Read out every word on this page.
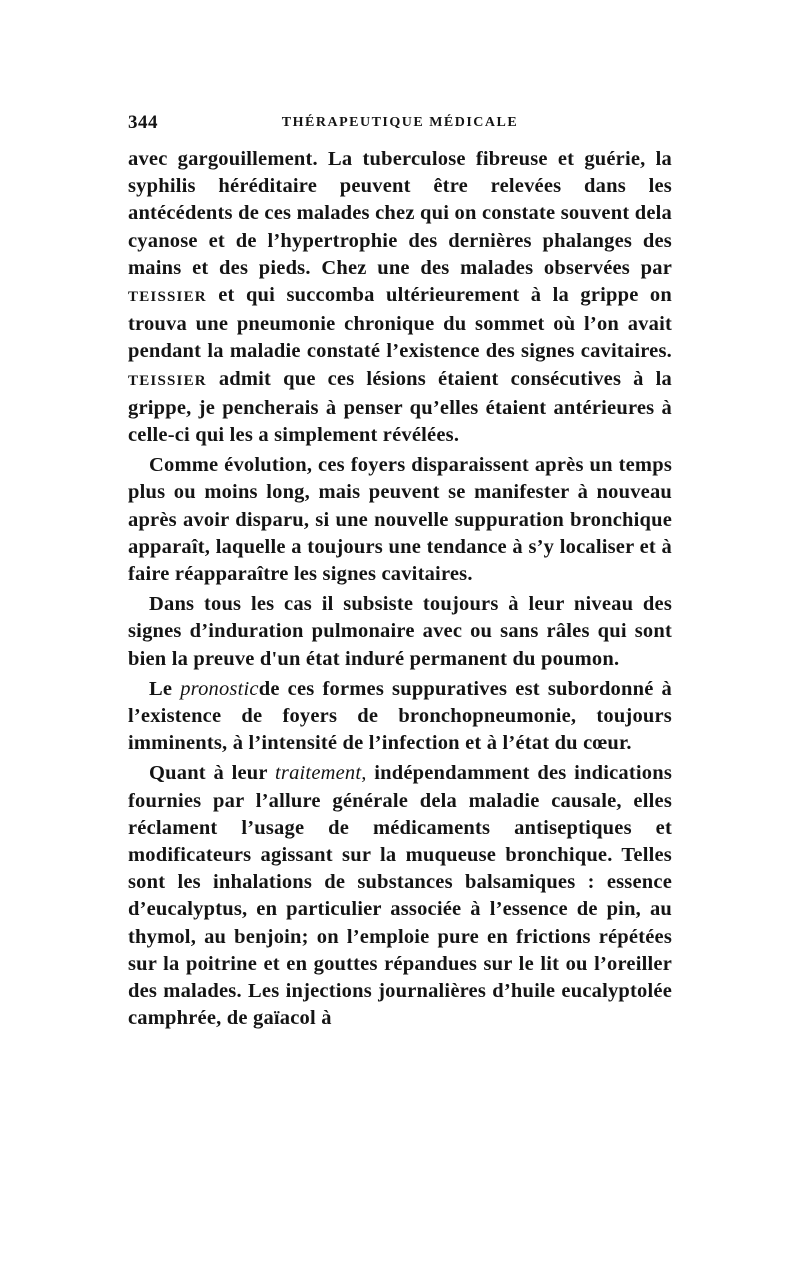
344	THÉRAPEUTIQUE MÉDICALE

avec gargouillement. La tuberculose fibreuse et guérie, la syphilis héréditaire peuvent être relevées dans les antécédents de ces malades chez qui on constate souvent dela cyanose et de l’hypertrophie des dernières phalanges des mains et des pieds. Chez une des malades observées par TEISSIER et qui succomba ultérieurement à la grippe on trouva une pneumonie chronique du sommet où l’on avait pendant la maladie constaté l’existence des signes cavitaires. TEISSIER admit que ces lésions étaient consécutives à la grippe, je pencherais à penser qu’elles étaient antérieures à celle-ci qui les a simplement révélées.

Comme évolution, ces foyers disparaissent après un temps plus ou moins long, mais peuvent se manifester à nouveau après avoir disparu, si une nouvelle suppuration bronchique apparaît, laquelle a toujours une tendance à s’y localiser et à faire réapparaître les signes cavitaires.

Dans tous les cas il subsiste toujours à leur niveau des signes d’induration pulmonaire avec ou sans râles qui sont bien la preuve d'un état induré permanent du poumon.

Le pronosticde ces formes suppuratives est subordonné à l’existence de foyers de bronchopneumonie, toujours imminents, à l’intensité de l’infection et à l’état du cœur.

Quant à leur traitement, indépendamment des indications fournies par l’allure générale dela maladie causale, elles réclament l’usage de médicaments antiseptiques et modificateurs agissant sur la muqueuse bronchique. Telles sont les inhalations de substances balsamiques : essence d’eucalyptus, en particulier associée à l’essence de pin, au thymol, au benjoin; on l’emploie pure en frictions répétées sur la poitrine et en gouttes répandues sur le lit ou l’oreiller des malades. Les injections journalières d’huile eucalyptolée camphrée, de gaïacol à
